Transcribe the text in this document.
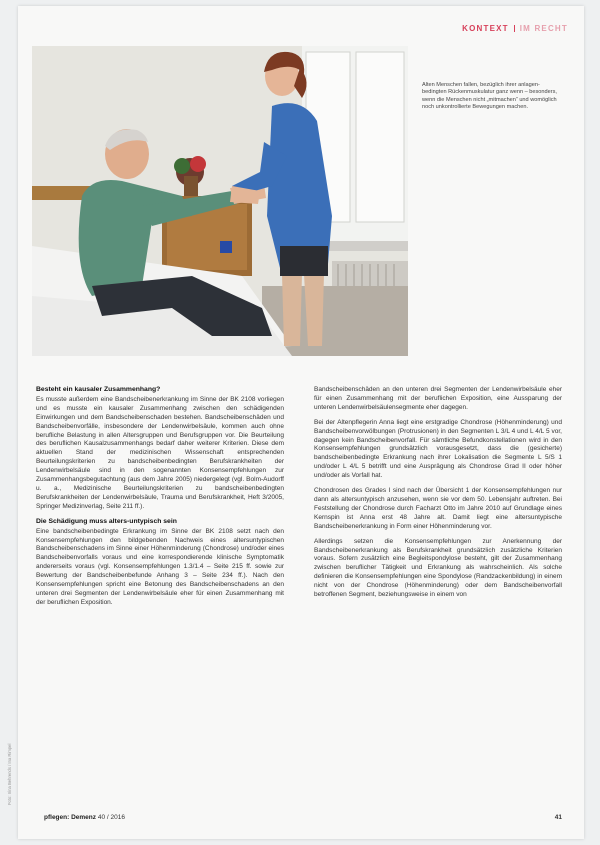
KONTEXT IM RECHT
Alten Menschen fallen, bezüglich ihrer anlagen-bedingten Rückenmuskulatur ganz wenn – besonders, wenn die Menschen nicht „mitmachen“ und womöglich noch unkontrollierte Bewegungen machen.
Besteht ein kausaler Zusammenhang?

Es musste außerdem eine Bandscheibenerkrankung im Sinne der BK 2108 vorliegen und es musste ein kausaler Zusammenhang zwischen den schädigenden Einwirkungen und dem Bandscheibenschaden bestehen. Bandscheibenschäden und Bandscheibenvorfälle, insbesondere der Lendenwirbelsäule, kommen auch ohne berufliche Belastung in allen Altersgruppen und Berufsgruppen vor. Die Beurteilung des beruflichen Kausalzusammenhangs bedarf daher weiterer Kriterien. Diese dem aktuellen Stand der medizinischen Wissenschaft entsprechenden Beurteilungskriterien zu bandscheibenbedingten Berufskrankheiten der Lendenwirbelsäule sind in den sogenannten Konsensempfehlungen zur Zusammenhangsbegutachtung (aus dem Jahre 2005) niedergelegt (vgl. Bolm-Audorff u. a., Medizinische Beurteilungskriterien zu bandscheibenbedingten Berufskrankheiten der Lendenwirbelsäule, Trauma und Berufskrankheit, Heft 3/2005, Springer Medizinverlag, Seite 211 ff.).

Die Schädigung muss alters-untypisch sein

Eine bandscheibenbedingte Erkrankung im Sinne der BK 2108 setzt nach den Konsensempfehlungen den bildgebenden Nachweis eines altersuntypischen Bandscheibenschadens im Sinne einer Höhenminderung (Chondrose) und/oder eines Bandscheibenvorfalls voraus und eine korrespondierende klinische Symptomatik andererseits voraus (vgl. Konsensempfehlungen 1.3/1.4 – Seite 215 ff. sowie zur Bewertung der Bandscheibenbefunde Anhang 3 – Seite 234 ff.). Nach den Konsensempfehlungen spricht eine Betonung des Bandscheibenschadens an den unteren drei Segmenten der Lendenwirbelsäule eher für einen Zusammenhang mit der beruflichen Exposition.

Bandscheibenschäden an den unteren drei Segmenten der Lendenwirbelsäule eher für einen Zusammenhang mit der beruflichen Exposition, eine Aussparung der unteren Lendenwirbelsäulensegmente eher dagegen.

Bei der Altenpflegerin Anna liegt eine erstgradige Chondrose (Höhenminderung) und Bandscheibenvorwölbungen (Protrusionen) in den Segmenten L 3/L 4 und L 4/L 5 vor, dagegen kein Bandscheibenvorfall. Für sämtliche Befundkonstellationen wird in den Konsensempfehlungen grundsätzlich vorausgesetzt, dass die (gesicherte) bandscheibenbedingte Erkrankung nach ihrer Lokalisation die Segmente L 5/S 1 und/oder L 4/L 5 betrifft und eine Ausprägung als Chondrose Grad II oder höher und/oder als Vorfall hat.

Chondrosen des Grades I sind nach der Übersicht 1 der Konsensempfehlungen nur dann als altersuntypisch anzusehen, wenn sie vor dem 50. Lebensjahr auftreten. Bei Feststellung der Chondrose durch Facharzt Otto im Jahre 2010 auf Grundlage eines Kernspin ist Anna erst 48 Jahre alt. Damit liegt eine altersuntypische Bandscheibenerkrankung in Form einer Höhenminderung vor.

Allerdings setzen die Konsensempfehlungen zur Anerkennung der Bandscheibenerkrankung als Berufskrankheit grundsätzlich zusätzliche Kriterien voraus. Sofern zusätzlich eine Begleitspondylose besteht, gilt der Zusammenhang zwischen beruflicher Tätigkeit und Erkrankung als wahrscheinlich. Als solche definieren die Konsensempfehlungen eine Spondylose (Randzackenbildung) in einem nicht von der Chondrose (Höhenminderung) oder dem Bandscheibenvorfall betroffenen Segment, beziehungsweise in einem von

pflegen: Demenz 40 / 2016	41
Foto: Irina Behrends / Ina Rimpel
